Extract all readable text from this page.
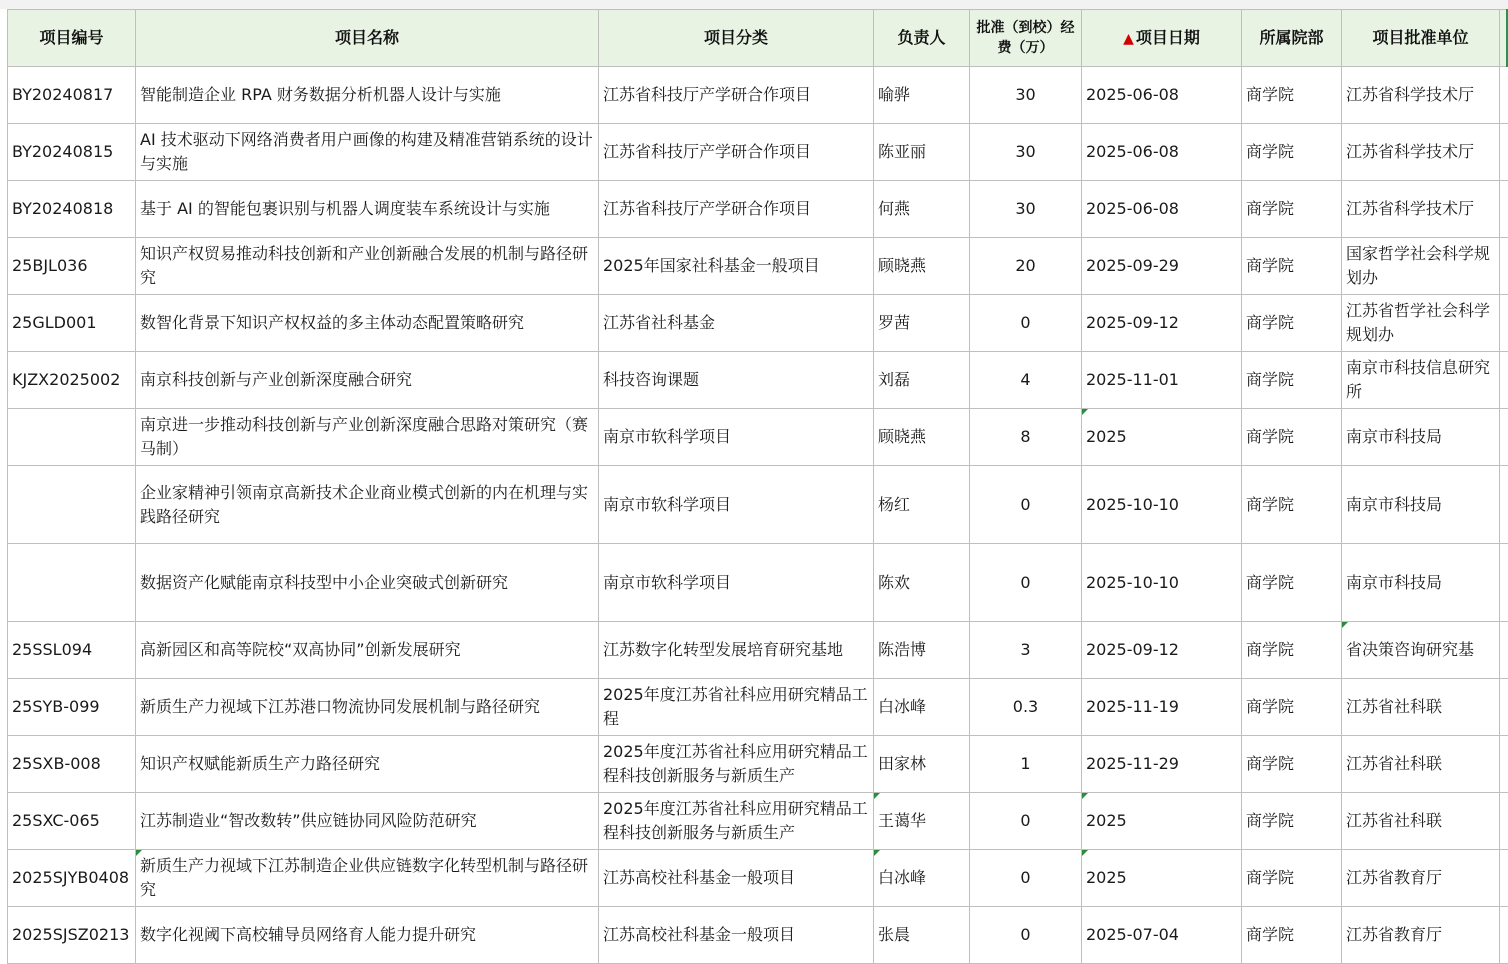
项目编号	项目名称	项目分类	负责人	批准（到校）经费（万）	▲ 项目日期	所属院部	项目批准单位	
BY20240817	智能制造企业 RPA 财务数据分析机器人设计与实施	江苏省科技厅产学研合作项目	喻骅	30	2025-06-08	商学院	江苏省科学技术厅	
BY20240815	AI 技术驱动下网络消费者用户画像的构建及精准营销系统的设计与实施	江苏省科技厅产学研合作项目	陈亚丽	30	2025-06-08	商学院	江苏省科学技术厅	
BY20240818	基于 AI 的智能包裹识别与机器人调度装车系统设计与实施	江苏省科技厅产学研合作项目	何燕	30	2025-06-08	商学院	江苏省科学技术厅	
25BJL036	知识产权贸易推动科技创新和产业创新融合发展的机制与路径研究	2025年国家社科基金一般项目	顾晓燕	20	2025-09-29	商学院	国家哲学社会科学规划办	
25GLD001	数智化背景下知识产权权益的多主体动态配置策略研究	江苏省社科基金	罗茜	0	2025-09-12	商学院	江苏省哲学社会科学规划办	
KJZX2025002	南京科技创新与产业创新深度融合研究	科技咨询课题	刘磊	4	2025-11-01	商学院	南京市科技信息研究所	
	南京进一步推动科技创新与产业创新深度融合思路对策研究（赛马制）	南京市软科学项目	顾晓燕	8	2025	商学院	南京市科技局	
	企业家精神引领南京高新技术企业商业模式创新的内在机理与实践路径研究	南京市软科学项目	杨红	0	2025-10-10	商学院	南京市科技局	
	数据资产化赋能南京科技型中小企业突破式创新研究	南京市软科学项目	陈欢	0	2025-10-10	商学院	南京市科技局	
25SSL094	高新园区和高等院校“双高协同”创新发展研究	江苏数字化转型发展培育研究基地	陈浩博	3	2025-09-12	商学院	省决策咨询研究基	
25SYB-099	新质生产力视域下江苏港口物流协同发展机制与路径研究	2025年度江苏省社科应用研究精品工程	白冰峰	0.3	2025-11-19	商学院	江苏省社科联	
25SXB-008	知识产权赋能新质生产力路径研究	2025年度江苏省社科应用研究精品工程科技创新服务与新质生产	田家林	1	2025-11-29	商学院	江苏省社科联	
25SXC-065	江苏制造业“智改数转”供应链协同风险防范研究	2025年度江苏省社科应用研究精品工程科技创新服务与新质生产	王蔼华	0	2025	商学院	江苏省社科联	
2025SJYB0408	新质生产力视域下江苏制造企业供应链数字化转型机制与路径研究	江苏高校社科基金一般项目	白冰峰	0	2025	商学院	江苏省教育厅	
2025SJSZ0213	数字化视阈下高校辅导员网络育人能力提升研究	江苏高校社科基金一般项目	张晨	0	2025-07-04	商学院	江苏省教育厅	
